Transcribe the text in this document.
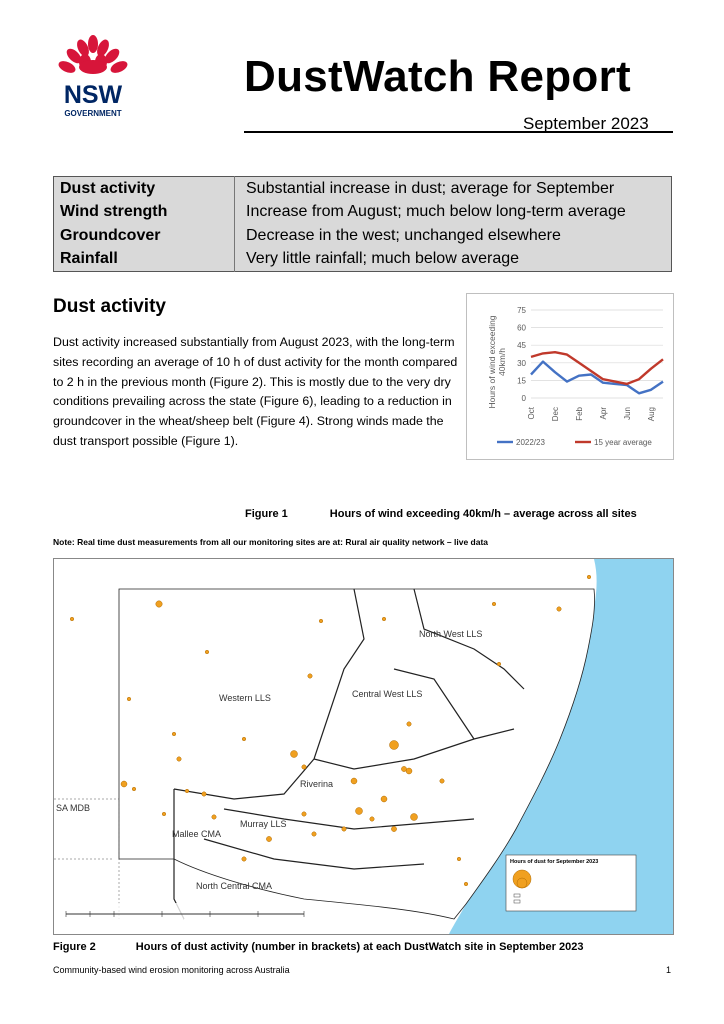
NSW
GOVERNMENT
DustWatch Report
September 2023
Dust activity	Substantial increase in dust; average for September
Wind strength	Increase from August; much below long-term average
Groundcover	Decrease in the west; unchanged elsewhere
Rainfall	Very little rainfall; much below average
Dust activity
Dust activity increased substantially from August 2023, with the long-term sites recording an average of 10 h of dust activity for the month compared to 2 h in the previous month (Figure 2). This is mostly due to the very dry conditions prevailing across the state (Figure 6), leading to a reduction in groundcover in the wheat/sheep belt (Figure 4). Strong winds made the dust transport possible (Figure 1).
0
15
30
45
60
75
Oct Dec Feb Apr Jun Aug
Hours of wind exceeding40km/h
2022/23	15 year average
Figure 1	Hours of wind exceeding 40km/h – average across all sites
Note: Real time dust measurements from all our monitoring sites are at: Rural air quality network – live data
North West LLS
Central West LLS
Western LLS
Riverina
Murray LLS
Mallee CMA
North Central CMA
SA MDB
Hours of dust for September 2023
Figure 2	Hours of dust activity (number in brackets) at each DustWatch site in September 2023
Community-based wind erosion monitoring across Australia	1
